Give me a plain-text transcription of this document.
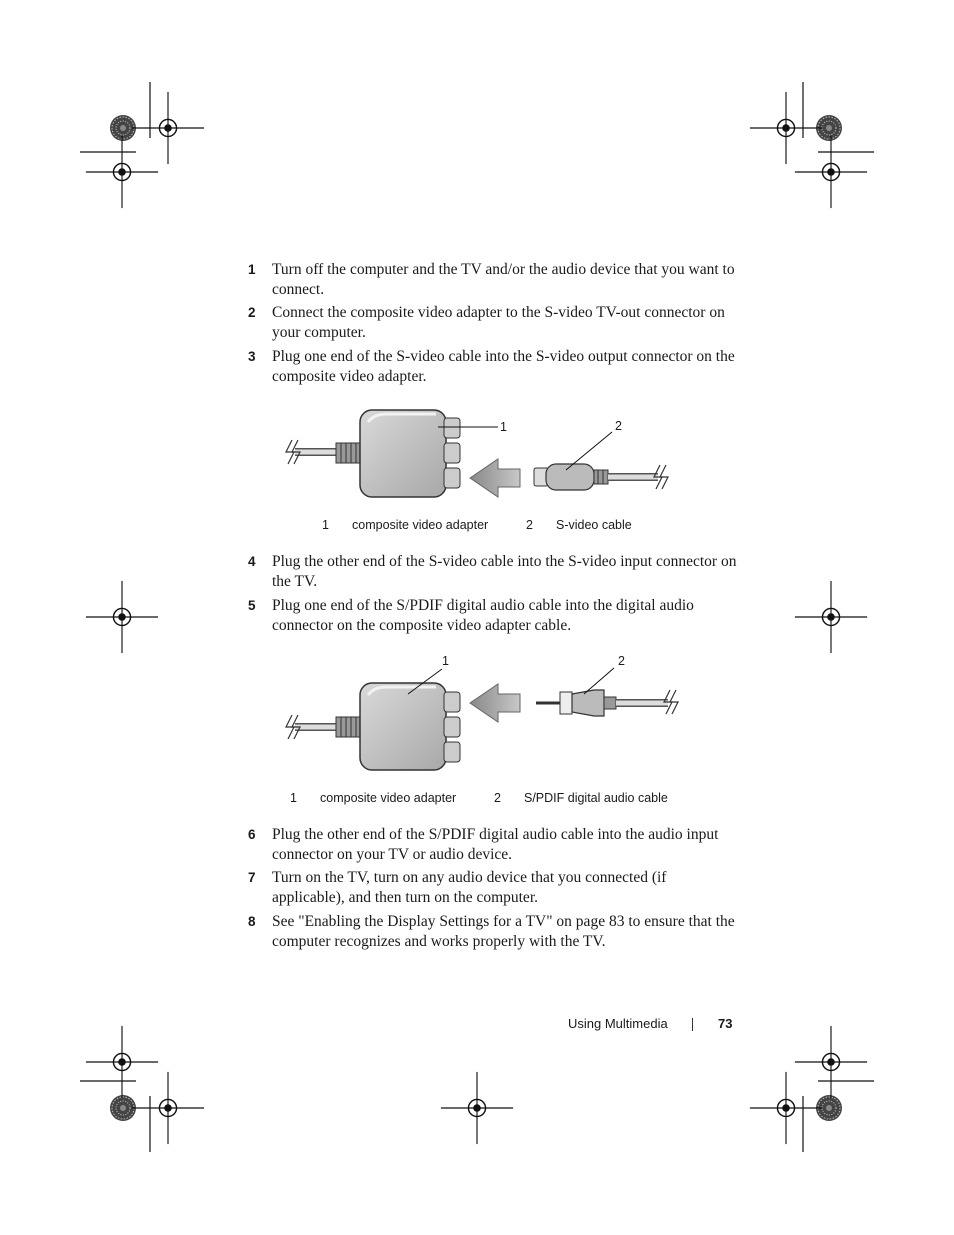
1 Turn off the computer and the TV and/or the audio device that you want to connect.
2 Connect the composite video adapter to the S-video TV-out connector on your computer.
3 Plug one end of the S-video cable into the S-video output connector on the composite video adapter.
1	2
1 composite video adapter	2 S-video cable
4 Plug the other end of the S-video cable into the S-video input connector on the TV.
5 Plug one end of the S/PDIF digital audio cable into the digital audio connector on the composite video adapter cable.
1	2
1 composite video adapter	2 S/PDIF digital audio cable
6 Plug the other end of the S/PDIF digital audio cable into the audio input connector on your TV or audio device.
7 Turn on the TV, turn on any audio device that you connected (if applicable), and then turn on the computer.
8 See "Enabling the Display Settings for a TV" on page 83 to ensure that the computer recognizes and works properly with the TV.
Using Multimedia	73
